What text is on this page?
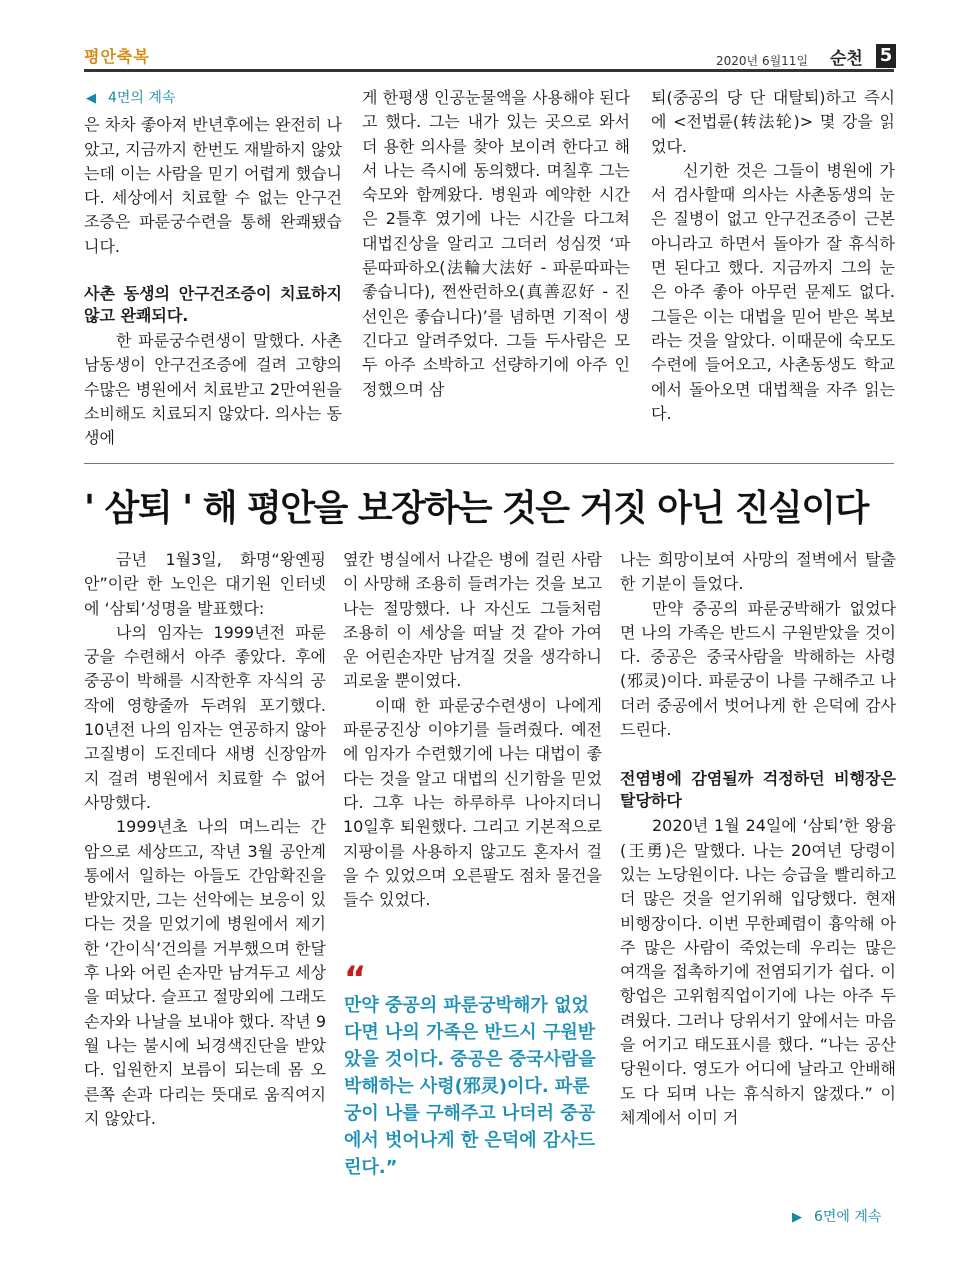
평안축복	2020년 6월11일 순천 5

◀ 4면의 계속

은 차차 좋아져 반년후에는 완전히 나았고, 지금까지 한번도 재발하지 않았는데 이는 사람을 믿기 어렵게 했습니다. 세상에서 치료할 수 없는 안구건조증은 파룬궁수련을 통해 완쾌됐습니다.

사촌 동생의 안구건조증이 치료하지 않고 완쾌되다.

한 파룬궁수련생이 말했다. 사촌 남동생이 안구건조증에 걸려 고향의 수많은 병원에서 치료받고 2만여원을 소비해도 치료되지 않았다. 의사는 동생에

게 한평생 인공눈물액을 사용해야 된다고 했다. 그는 내가 있는 곳으로 와서 더 용한 의사를 찾아 보이려 한다고 해서 나는 즉시에 동의했다. 며칠후 그는 숙모와 함께왔다. 병원과 예약한 시간은 2틀후 였기에 나는 시간을 다그쳐 대법진상을 알리고 그더러 성심껏 ‘파룬따파하오(法輪大法好 - 파룬따파는 좋습니다), 쩐싼런하오(真善忍好 - 진선인은 좋습니다)’를 념하면 기적이 생긴다고 알려주었다. 그들 두사람은 모두 아주 소박하고 선량하기에 아주 인정했으며 삼

퇴(중공의 당 단 대탈퇴)하고 즉시에 <전법륜(转法轮)> 몇 강을 읽었다.

신기한 것은 그들이 병원에 가서 검사할때 의사는 사촌동생의 눈은 질병이 없고 안구건조증이 근본 아니라고 하면서 돌아가 잘 휴식하면 된다고 했다. 지금까지 그의 눈은 아주 좋아 아무런 문제도 없다. 그들은 이는 대법을 믿어 받은 복보라는 것을 알았다. 이때문에 숙모도 수련에 들어오고, 사촌동생도 학교에서 돌아오면 대법책을 자주 읽는다.

' 삼퇴 ' 해 평안을 보장하는 것은 거짓 아닌 진실이다

금년 1월3일, 화명“왕옌핑안”이란 한 노인은 대기원 인터넷에 ‘삼퇴’성명을 발표했다:

나의 임자는 1999년전 파룬궁을 수련해서 아주 좋았다. 후에 중공이 박해를 시작한후 자식의 공작에 영향줄까 두려워 포기했다. 10년전 나의 임자는 연공하지 않아 고질병이 도진데다 새병 신장암까지 걸려 병원에서 치료할 수 없어 사망했다.

1999년초 나의 며느리는 간암으로 세상뜨고, 작년 3월 공안계통에서 일하는 아들도 간암확진을 받았지만, 그는 선악에는 보응이 있다는 것을 믿었기에 병원에서 제기한 ‘간이식’건의를 거부했으며 한달후 나와 어린 손자만 남겨두고 세상을 떠났다. 슬프고 절망외에 그래도 손자와 나날을 보내야 했다. 작년 9월 나는 불시에 뇌경색진단을 받았다. 입원한지 보름이 되는데 몸 오른쪽 손과 다리는 뜻대로 움직여지지 않았다.

옆칸 병실에서 나같은 병에 걸린 사람이 사망해 조용히 들려가는 것을 보고 나는 절망했다. 나 자신도 그들처럼 조용히 이 세상을 떠날 것 같아 가여운 어린손자만 남겨질 것을 생각하니 괴로울 뿐이였다.

이때 한 파룬궁수련생이 나에게 파룬궁진상 이야기를 들려줬다. 예전에 임자가 수련했기에 나는 대법이 좋다는 것을 알고 대법의 신기함을 믿었다. 그후 나는 하루하루 나아지더니 10일후 퇴원했다. 그리고 기본적으로 지팡이를 사용하지 않고도 혼자서 걸을 수 있었으며 오른팔도 점차 물건을 들수 있었다.

“
만약 중공의 파룬궁박해가 없었다면 나의 가족은 반드시 구원받았을 것이다. 중공은 중국사람을 박해하는 사령(邪灵)이다. 파룬궁이 나를 구해주고 나더러 중공에서 벗어나게 한 은덕에 감사드린다.”

나는 희망이보여 사망의 절벽에서 탈출한 기분이 들었다.

만약 중공의 파룬궁박해가 없었다면 나의 가족은 반드시 구원받았을 것이다. 중공은 중국사람을 박해하는 사령(邪灵)이다. 파룬궁이 나를 구해주고 나더러 중공에서 벗어나게 한 은덕에 감사드린다.

전염병에 감염될까 걱정하던 비행장은 탈당하다

2020년 1월 24일에 ‘삼퇴’한 왕융(王勇)은 말했다. 나는 20여년 당령이 있는 노당원이다. 나는 승급을 빨리하고 더 많은 것을 얻기위해 입당했다. 현재 비행장이다. 이번 무한폐렴이 흉악해 아주 많은 사람이 죽었는데 우리는 많은 여객을 접촉하기에 전염되기가 쉽다. 이 항업은 고위험직업이기에 나는 아주 두려웠다. 그러나 당위서기 앞에서는 마음을 어기고 태도표시를 했다. “나는 공산당원이다. 영도가 어디에 날라고 안배해도 다 되며 나는 휴식하지 않겠다.” 이 체계에서 이미 거

▶ 6면에 계속
